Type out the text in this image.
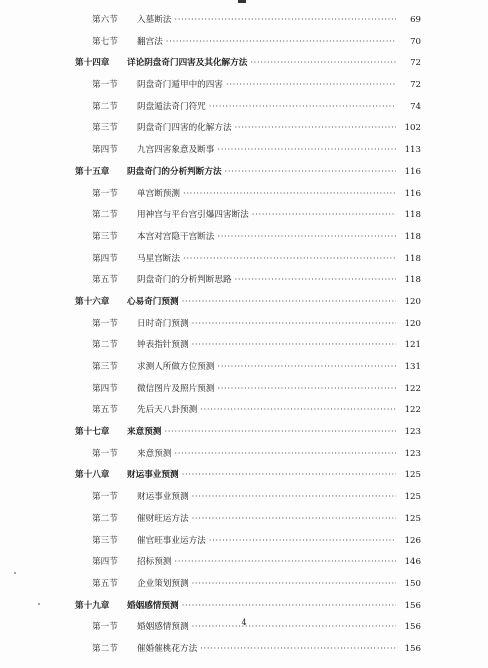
第六节	入墓断法 ·····	69
第七节	翻宫法 ·····	70
第十四章	详论阴盘奇门四害及其化解方法 ·····	72
第一节	阴盘奇门遁甲中的四害 ·····	72
第二节	阴盘遁法奇门符咒 ·····	74
第三节	阴盘奇门四害的化解方法 ·····	102
第四节	九宫四害象意及断事 ·····	113
第十五章	阴盘奇门的分析判断方法 ·····	116
第一节	单宫断预测 ·····	116
第二节	用神宫与平台宫引爆四害断法 ·····	118
第三节	本宫对宫隐干宫断法 ·····	118
第四节	马星宫断法 ·····	118
第五节	阴盘奇门的分析判断思路 ·····	118
第十六章	心易奇门预测 ·····	120
第一节	日时奇门预测 ·····	120
第二节	钟表指针预测 ·····	121
第三节	求测人所做方位预测 ·····	131
第四节	微信图片及照片预测 ·····	122
第五节	先后天八卦预测 ·····	122
第十七章	来意预测 ·····	123
第一节	来意预测 ·····	123
第十八章	财运事业预测 ·····	125
第一节	财运事业预测 ·····	125
第二节	催财旺运方法 ·····	125
第三节	催官旺事业运方法 ·····	126
第四节	招标预测 ·····	146
第五节	企业策划预测 ·····	150
第十九章	婚姻感情预测 ·····	156
第一节	婚姻感情预测 ·····	156
第二节	催婚催桃花方法 ·····	156
4
